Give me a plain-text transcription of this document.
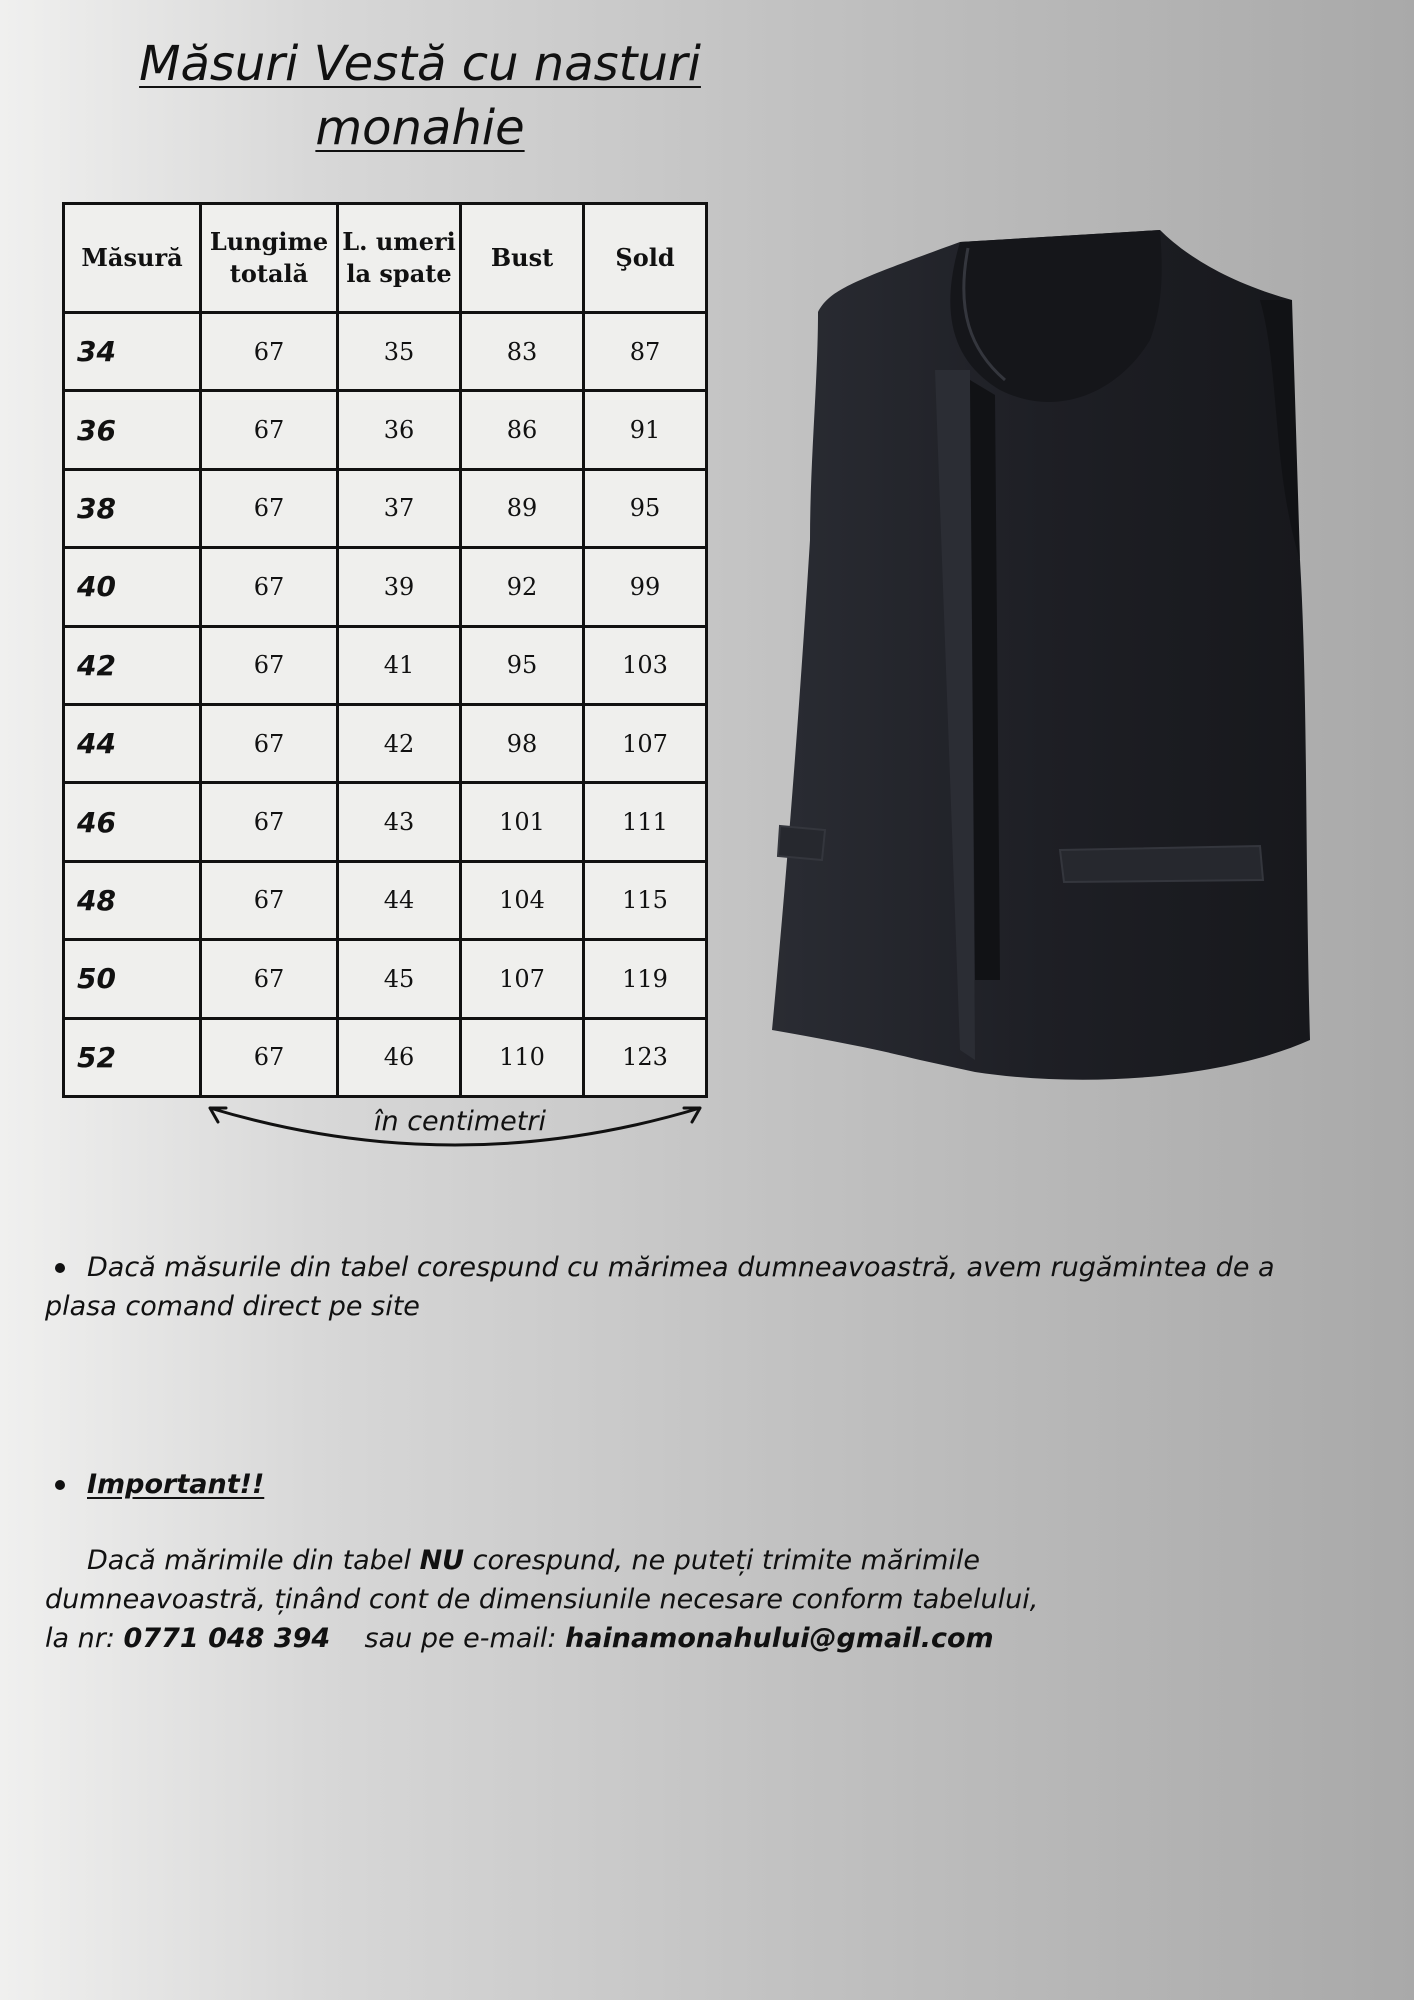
Măsuri Vestă cu nasturi
monahie
Măsură	Lungime totală	L. umeri la spate	Bust	Şold
34	67	35	83	87
36	67	36	86	91
38	67	37	89	95
40	67	39	92	99
42	67	41	95	103
44	67	42	98	107
46	67	43	101	111
48	67	44	104	115
50	67	45	107	119
52	67	46	110	123
în centimetri

Dacă măsurile din tabel corespund cu mărimea dumneavoastră, avem rugămintea de a plasa comand direct pe site

Important!!

Dacă mărimile din tabel NU corespund, ne puteți trimite mărimile
dumneavoastră, ținând cont de dimensiunile necesare conform tabelului,
la nr: 0771 048 394    sau pe e-mail: hainamonahului@gmail.com
